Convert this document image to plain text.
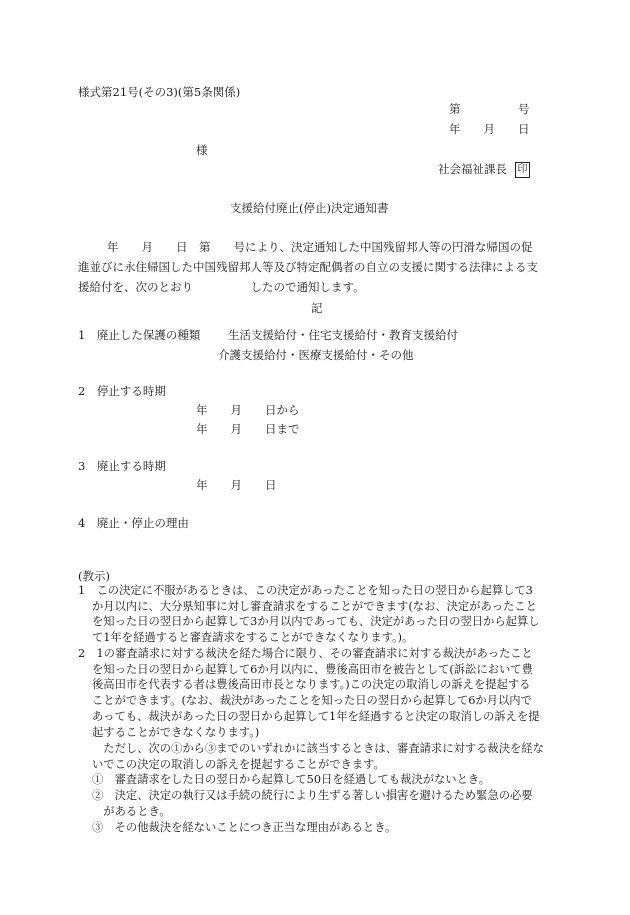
様式第21号(その3)(第5条関係)
第　　　　　号
年　　月　　日
様
社会福祉課長 印
支援給付廃止(停止)決定通知書
年　　月　　日　第　　号により、決定通知した中国残留邦人等の円滑な帰国の促
進並びに永住帰国した中国残留邦人等及び特定配偶者の自立の支援に関する法律による支
援給付を、次のとおり　　　　　したので通知します。
記
1　廃止した保護の種類 生活支援給付・住宅支援給付・教育支援給付
介護支援給付・医療支援給付・その他
2　停止する時期
年　　月　　日から
年　　月　　日まで
3　廃止する時期
年　　月　　日
4　廃止・停止の理由
(教示)
1　この決定に不服があるときは、この決定があったことを知った日の翌日から起算して3
か月以内に、大分県知事に対し審査請求をすることができます(なお、決定があったこと
を知った日の翌日から起算して3か月以内であっても、決定があった日の翌日から起算し
て1年を経過すると審査請求をすることができなくなります。)。
2　1の審査請求に対する裁決を経た場合に限り、その審査請求に対する裁決があったこと
を知った日の翌日から起算して6か月以内に、豊後高田市を被告として(訴訟において豊
後高田市を代表する者は豊後高田市長となります。)この決定の取消しの訴えを提起する
ことができます。(なお、裁決があったことを知った日の翌日から起算して6か月以内で
あっても、裁決があった日の翌日から起算して1年を経過すると決定の取消しの訴えを提
起することができなくなります。)
　ただし、次の①から③までのいずれかに該当するときは、審査請求に対する裁決を経な
いでこの決定の取消しの訴えを提起することができます。
①　審査請求をした日の翌日から起算して50日を経過しても裁決がないとき。
②　決定、決定の執行又は手続の続行により生ずる著しい損害を避けるため緊急の必要
　があるとき。
③　その他裁決を経ないことにつき正当な理由があるとき。
